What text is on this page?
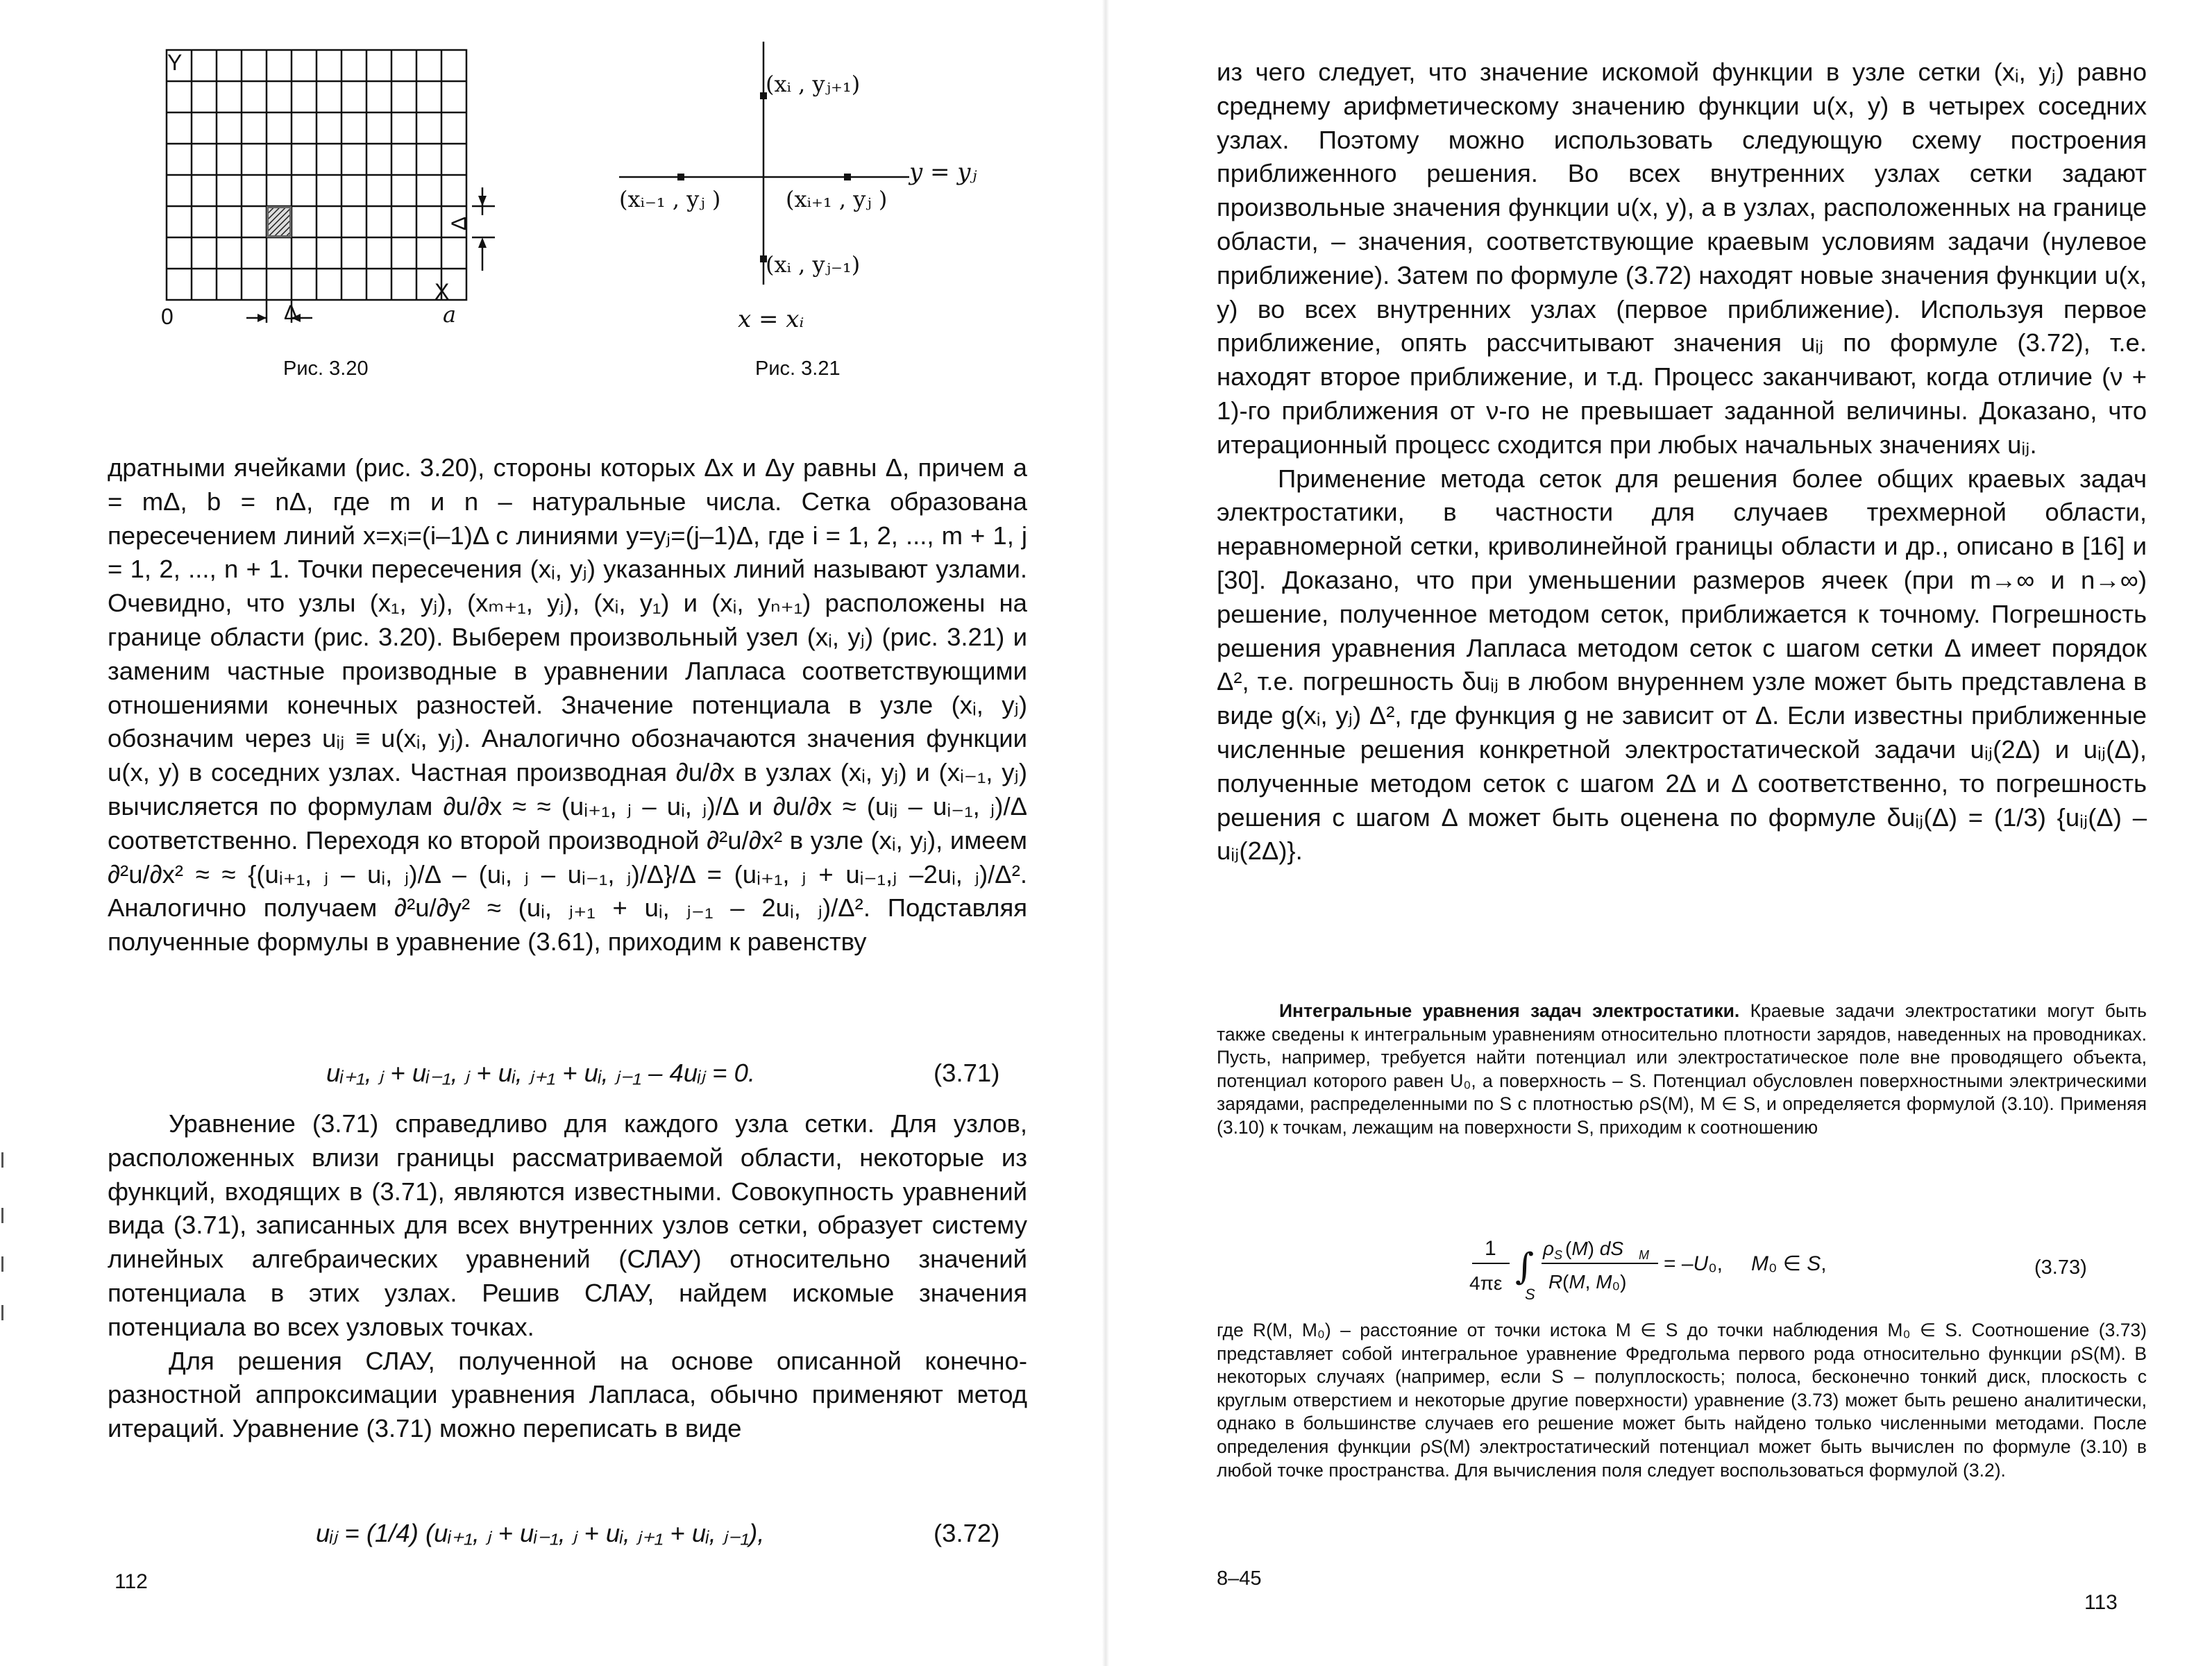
Y
X
0	a
Δ
Δ
Рис. 3.20
(xᵢ , yⱼ₊₁)
(xᵢ₋₁ , yⱼ )	(xᵢ₊₁ , yⱼ )
y = yⱼ
(xᵢ , yⱼ₋₁)
x = xᵢ
Рис. 3.21

дратными ячейками (рис. 3.20), стороны которых Δx и Δy равны Δ, причем a = mΔ, b = nΔ, где m и n – натуральные числа. Сетка образована пересечением линий x=xᵢ=(i–1)Δ с линиями y=yⱼ=(j–1)Δ, где i = 1, 2, ..., m + 1, j = 1, 2, ..., n + 1. Точки пересечения (xᵢ, yⱼ) указанных линий называют узлами. Очевидно, что узлы (x₁, yⱼ), (xₘ₊₁, yⱼ), (xᵢ, y₁) и (xᵢ, yₙ₊₁) расположены на границе области (рис. 3.20). Выберем произвольный узел (xᵢ, yⱼ) (рис. 3.21) и заменим частные производные в уравнении Лапласа соответствующими отношениями конечных разностей. Значение потенциала в узле (xᵢ, yⱼ) обозначим через uᵢⱼ ≡ u(xᵢ, yⱼ). Аналогично обозначаются значения функции u(x, y) в соседних узлах. Частная производная ∂u/∂x в узлах (xᵢ, yⱼ) и (xᵢ₋₁, yⱼ) вычисляется по формулам ∂u/∂x ≈ ≈ (uᵢ₊₁, ⱼ – uᵢ, ⱼ)/Δ и ∂u/∂x ≈ (uᵢⱼ – uᵢ₋₁, ⱼ)/Δ соответственно. Переходя ко второй производной ∂²u/∂x² в узле (xᵢ, yⱼ), имеем ∂²u/∂x² ≈ ≈ {(uᵢ₊₁, ⱼ – uᵢ, ⱼ)/Δ – (uᵢ, ⱼ – uᵢ₋₁, ⱼ)/Δ}/Δ = (uᵢ₊₁, ⱼ + uᵢ₋₁,ⱼ –2uᵢ, ⱼ)/Δ². Аналогично получаем ∂²u/∂y² ≈ (uᵢ, ⱼ₊₁ + uᵢ, ⱼ₋₁ – 2uᵢ, ⱼ)/Δ². Подставляя полученные формулы в уравнение (3.61), приходим к равенству

uᵢ₊₁, ⱼ + uᵢ₋₁, ⱼ + uᵢ, ⱼ₊₁ + uᵢ, ⱼ₋₁ – 4uᵢⱼ = 0.	(3.71)

Уравнение (3.71) справедливо для каждого узла сетки. Для узлов, расположенных влизи границы рассматриваемой области, некоторые из функций, входящих в (3.71), являются известными. Совокупность уравнений вида (3.71), записанных для всех внутренних узлов сетки, образует систему линейных алгебраических уравнений (СЛАУ) относительно значений потенциала в этих узлах. Решив СЛАУ, найдем искомые значения потенциала во всех узловых точках.

Для решения СЛАУ, полученной на основе описанной конечно-разностной аппроксимации уравнения Лапласа, обычно применяют метод итераций. Уравнение (3.71) можно переписать в виде

uᵢⱼ = (1/4) (uᵢ₊₁, ⱼ + uᵢ₋₁, ⱼ + uᵢ, ⱼ₊₁ + uᵢ, ⱼ₋₁),	(3.72)
112

из чего следует, что значение искомой функции в узле сетки (xᵢ, yⱼ) равно среднему арифметическому значению функции u(x, y) в четырех соседних узлах. Поэтому можно использовать следующую схему построения приближенного решения. Во всех внутренних узлах сетки задают произвольные значения функции u(x, y), а в узлах, расположенных на границе области, – значения, соответствующие краевым условиям задачи (нулевое приближение). Затем по формуле (3.72) находят новые значения функции u(x, y) во всех внутренних узлах (первое приближение). Используя первое приближение, опять рассчитывают значения uᵢⱼ по формуле (3.72), т.е. находят второе приближение, и т.д. Процесс заканчивают, когда отличие (ν + 1)-го приближения от ν-го не превышает заданной величины. Доказано, что итерационный процесс сходится при любых начальных значениях uᵢⱼ.

Применение метода сеток для решения более общих краевых задач электростатики, в частности для случаев трехмерной области, неравномерной сетки, криволинейной границы области и др., описано в [16] и [30]. Доказано, что при уменьшении размеров ячеек (при m→∞ и n→∞) решение, полученное методом сеток, приближается к точному. Погрешность решения уравнения Лапласа методом сеток с шагом сетки Δ имеет порядок Δ², т.е. погрешность δuᵢⱼ в любом внуреннем узле может быть представлена в виде g(xᵢ, yⱼ) Δ², где функция g не зависит от Δ. Если известны приближенные численные решения конкретной электростатической задачи uᵢⱼ(2Δ) и uᵢⱼ(Δ), полученные методом сеток с шагом 2Δ и Δ соответственно, то погрешность решения с шагом Δ может быть оценена по формуле δuᵢⱼ(Δ) = (1/3) {uᵢⱼ(Δ) – uᵢⱼ(2Δ)}.

Интегральные уравнения задач электростатики. Краевые задачи электростатики могут быть также сведены к интегральным уравнениям относительно плотности зарядов, наведенных на проводниках. Пусть, например, требуется найти потенциал или электростатическое поле вне проводящего объекта, потенциал которого равен U₀, а поверхность – S. Потенциал обусловлен поверхностными электрическими зарядами, распределенными по S с плотностью ρS(M), M ∈ S, и определяется формулой (3.10). Применяя (3.10) к точкам, лежащим на поверхности S, приходим к соотношению

1
4πε ∫
S
ρ S (M) dS M
R (M, M₀)
= –U₀, M₀ ∈ S,	(3.73)

где R(M, M₀) – расстояние от точки истока M ∈ S до точки наблюдения M₀ ∈ S. Соотношение (3.73) представляет собой интегральное уравнение Фредгольма первого рода относительно функции ρS(M). В некоторых случаях (например, если S – полуплоскость; полоса, бесконечно тонкий диск, плоскость с круглым отверстием и некоторые другие поверхности) уравнение (3.73) может быть решено аналитически, однако в большинстве случаев его решение может быть найдено только численными методами. После определения функции ρS(M) электростатический потенциал может быть вычислен по формуле (3.10) в любой точке пространства. Для вычисления поля следует воспользоваться формулой (3.2).

8–45
113
